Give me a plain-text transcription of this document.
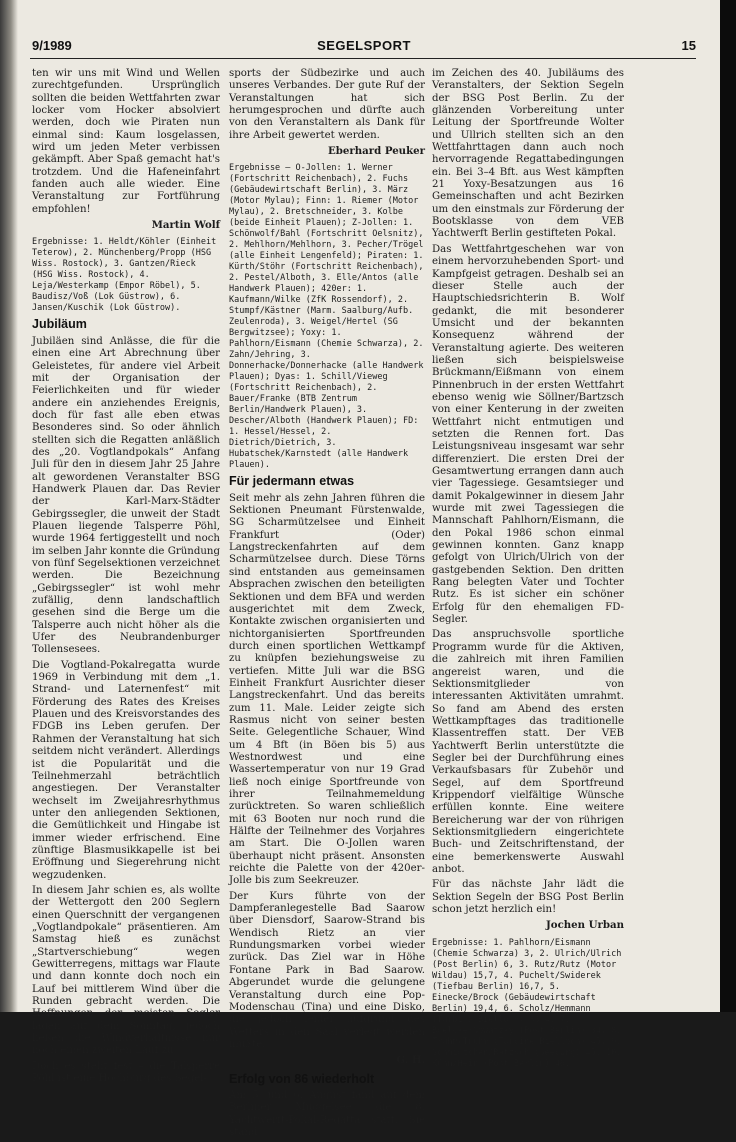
9/1989	SEGELSPORT	15

ten wir uns mit Wind und Wellen zurechtgefunden. Ursprünglich sollten die beiden Wettfahrten zwar locker vom Hocker absolviert werden, doch wie Piraten nun einmal sind: Kaum losgelassen, wird um jeden Meter verbissen gekämpft. Aber Spaß gemacht hat's trotzdem. Und die Hafeneinfahrt fanden auch alle wieder. Eine Veranstaltung zur Fortführung empfohlen!

Martin Wolf

Ergebnisse: 1. Heldt/Köhler (Einheit Teterow), 2. Münchenberg/Propp (HSG Wiss. Rostock), 3. Gantzen/Rieck (HSG Wiss. Rostock), 4. Leja/Westerkamp (Empor Röbel), 5. Baudisz/Voß (Lok Güstrow), 6. Jansen/Kuschik (Lok Güstrow).

Jubiläum

Jubiläen sind Anlässe, die für die einen eine Art Abrechnung über Geleistetes, für andere viel Arbeit mit der Organisation der Feierlichkeiten und für wieder andere ein anziehendes Ereignis, doch für fast alle eben etwas Besonderes sind. So oder ähnlich stellten sich die Regatten anläßlich des „20. Vogtlandpokals“ Anfang Juli für den in diesem Jahr 25 Jahre alt gewordenen Veranstalter BSG Handwerk Plauen dar. Das Revier der Karl-Marx-Städter Gebirgssegler, die unweit der Stadt Plauen liegende Talsperre Pöhl, wurde 1964 fertiggestellt und noch im selben Jahr konnte die Gründung von fünf Segelsektionen verzeichnet werden. Die Bezeichnung „Gebirgssegler“ ist wohl mehr zufällig, denn landschaftlich gesehen sind die Berge um die Talsperre auch nicht höher als die Ufer des Neubrandenburger Tollensesees.

Die Vogtland-Pokalregatta wurde 1969 in Verbindung mit dem „1. Strand- und Laternenfest“ mit Förderung des Rates des Kreises Plauen und des Kreisvorstandes des FDGB ins Leben gerufen. Der Rahmen der Veranstaltung hat sich seitdem nicht verändert. Allerdings ist die Popularität und die Teilnehmerzahl beträchtlich angestiegen. Der Veranstalter wechselt im Zweijahresrhythmus unter den anliegenden Sektionen, die Gemütlichkeit und Hingabe ist immer wieder erfrischend. Eine zünftige Blasmusikkapelle ist bei Eröffnung und Siegerehrung nicht wegzudenken.

In diesem Jahr schien es, als wollte der Wettergott den 200 Seglern einen Querschnitt der vergangenen „Vogtlandpokale“ präsentieren. Am Samstag hieß es zunächst „Startverschiebung“ wegen Gewitterregens, mittags war Flaute und dann konnte doch noch ein Lauf bei mittlerem Wind über die Runden gebracht werden. Die Hoffnungen der meisten Segler lagen auf dem Sonntag, jedoch ließen die Windverhältnisse nur noch einen zweiten Lauf zu.

Doch es steht fest – die Talsperre Pöhl ist eine Hochburg des Segel-

sports der Südbezirke und auch unseres Verbandes. Der gute Ruf der Veranstaltungen hat sich herumgesprochen und dürfte auch von den Veranstaltern als Dank für ihre Arbeit gewertet werden.

Eberhard Peuker

Ergebnisse – O-Jollen: 1. Werner (Fortschritt Reichenbach), 2. Fuchs (Gebäudewirtschaft Berlin), 3. März (Motor Mylau); Finn: 1. Riemer (Motor Mylau), 2. Bretschneider, 3. Kolbe (beide Einheit Plauen); Z-Jollen: 1. Schönwolf/Bahl (Fortschritt Oelsnitz), 2. Mehlhorn/Mehlhorn, 3. Pecher/Trögel (alle Einheit Lengenfeld); Piraten: 1. Kürth/Stöhr (Fortschritt Reichenbach), 2. Pestel/Alboth, 3. Elle/Antos (alle Handwerk Plauen); 420er: 1. Kaufmann/Wilke (ZfK Rossendorf), 2. Stumpf/Kästner (Marm. Saalburg/Aufb. Zeulenroda), 3. Weigel/Hertel (SG Bergwitzsee); Yoxy: 1. Pahlhorn/Eismann (Chemie Schwarza), 2. Zahn/Jehring, 3. Donnerhacke/Donnerhacke (alle Handwerk Plauen); Dyas: 1. Schill/Vieweg (Fortschritt Reichenbach), 2. Bauer/Franke (BTB Zentrum Berlin/Handwerk Plauen), 3. Descher/Alboth (Handwerk Plauen); FD: 1. Hessel/Hessel, 2. Dietrich/Dietrich, 3. Hubatschek/Karnstedt (alle Handwerk Plauen).

Für jedermann etwas

Seit mehr als zehn Jahren führen die Sektionen Pneumant Fürstenwalde, SG Scharmützelsee und Einheit Frankfurt (Oder) Langstreckenfahrten auf dem Scharmützelsee durch. Diese Törns sind entstanden aus gemeinsamen Absprachen zwischen den beteiligten Sektionen und dem BFA und werden ausgerichtet mit dem Zweck, Kontakte zwischen organisierten und nichtorganisierten Sportfreunden durch einen sportlichen Wettkampf zu knüpfen beziehungsweise zu vertiefen. Mitte Juli war die BSG Einheit Frankfurt Ausrichter dieser Langstreckenfahrt. Und das bereits zum 11. Male. Leider zeigte sich Rasmus nicht von seiner besten Seite. Gelegentliche Schauer, Wind um 4 Bft (in Böen bis 5) aus Westnordwest und eine Wassertemperatur von nur 19 Grad ließ noch einige Sportfreunde von ihrer Teilnahmemeldung zurücktreten. So waren schließlich mit 63 Booten nur noch rund die Hälfte der Teilnehmer des Vorjahres am Start. Die O-Jollen waren überhaupt nicht präsent. Ansonsten reichte die Palette von der 420er-Jolle bis zum Seekreuzer.

Der Kurs führte von der Dampferanlegestelle Bad Saarow über Diensdorf, Saarow-Strand bis Wendisch Rietz an vier Rundungsmarken vorbei wieder zurück. Das Ziel war in Höhe Fontane Park in Bad Saarow. Abgerundet wurde die gelungene Veranstaltung durch eine Pop-Modenschau (Tina) und eine Disko, die jedoch leider aufgrund des Wetters in den Saal verlegt werden mußte.

G. H.
Erfolg von 86 wiederholt

Am 5. und 6. August fand auf dem Berliner Müggelsee die 8. Yachtwerft-Pokal-Regatta statt. Sie stand

im Zeichen des 40. Jubiläums des Veranstalters, der Sektion Segeln der BSG Post Berlin. Zu der glänzenden Vorbereitung unter Leitung der Sportfreunde Wolter und Ullrich stellten sich an den Wettfahrttagen dann auch noch hervorragende Regattabedingungen ein. Bei 3–4 Bft. aus West kämpften 21 Yoxy-Besatzungen aus 16 Gemeinschaften und acht Bezirken um den einstmals zur Förderung der Bootsklasse von dem VEB Yachtwerft Berlin gestifteten Pokal.

Das Wettfahrtgeschehen war von einem hervorzuhebenden Sport- und Kampfgeist getragen. Deshalb sei an dieser Stelle auch der Hauptschiedsrichterin B. Wolf gedankt, die mit besonderer Umsicht und der bekannten Konsequenz während der Veranstaltung agierte. Des weiteren ließen sich beispielsweise Brückmann/Eißmann von einem Pinnenbruch in der ersten Wettfahrt ebenso wenig wie Söllner/Bartzsch von einer Kenterung in der zweiten Wettfahrt nicht entmutigen und setzten die Rennen fort. Das Leistungsniveau insgesamt war sehr differenziert. Die ersten Drei der Gesamtwertung errangen dann auch vier Tagessiege. Gesamtsieger und damit Pokalgewinner in diesem Jahr wurde mit zwei Tagessiegen die Mannschaft Pahlhorn/Eismann, die den Pokal 1986 schon einmal gewinnen konnten. Ganz knapp gefolgt von Ulrich/Ulrich von der gastgebenden Sektion. Den dritten Rang belegten Vater und Tochter Rutz. Es ist sicher ein schöner Erfolg für den ehemaligen FD-Segler.

Das anspruchsvolle sportliche Programm wurde für die Aktiven, die zahlreich mit ihren Familien angereist waren, und die Sektionsmitglieder von interessanten Aktivitäten umrahmt. So fand am Abend des ersten Wettkampftages das traditionelle Klassentreffen statt. Der VEB Yachtwerft Berlin unterstützte die Segler bei der Durchführung eines Verkaufsbasars für Zubehör und Segel, auf dem Sportfreund Krippendorf vielfältige Wünsche erfüllen konnte. Eine weitere Bereicherung war der von rührigen Sektionsmitgliedern eingerichtete Buch- und Zeitschriftenstand, der eine bemerkenswerte Auswahl anbot.

Für das nächste Jahr lädt die Sektion Segeln der BSG Post Berlin schon jetzt herzlich ein!

Jochen Urban

Ergebnisse: 1. Pahlhorn/Eismann (Chemie Schwarza) 3, 2. Ulrich/Ulrich (Post Berlin) 6, 3. Rutz/Rutz (Motor Wildau) 15,7, 4. Puchelt/Swiderek (Tiefbau Berlin) 16,7, 5. Einecke/Brock (Gebäudewirtschaft Berlin) 19,4, 6. Scholz/Hemmann (Turbine Bielloch) 33,4, 7. Boelcke/Nowatzky (Post Berlin) 34, 8. Truhm/Truhm (Turbine Bielloch) 45, 9. Schmidtchen/Ratzsch (Seeburg) 45, 10. Kühn/Hein (Post Berlin) 46.
